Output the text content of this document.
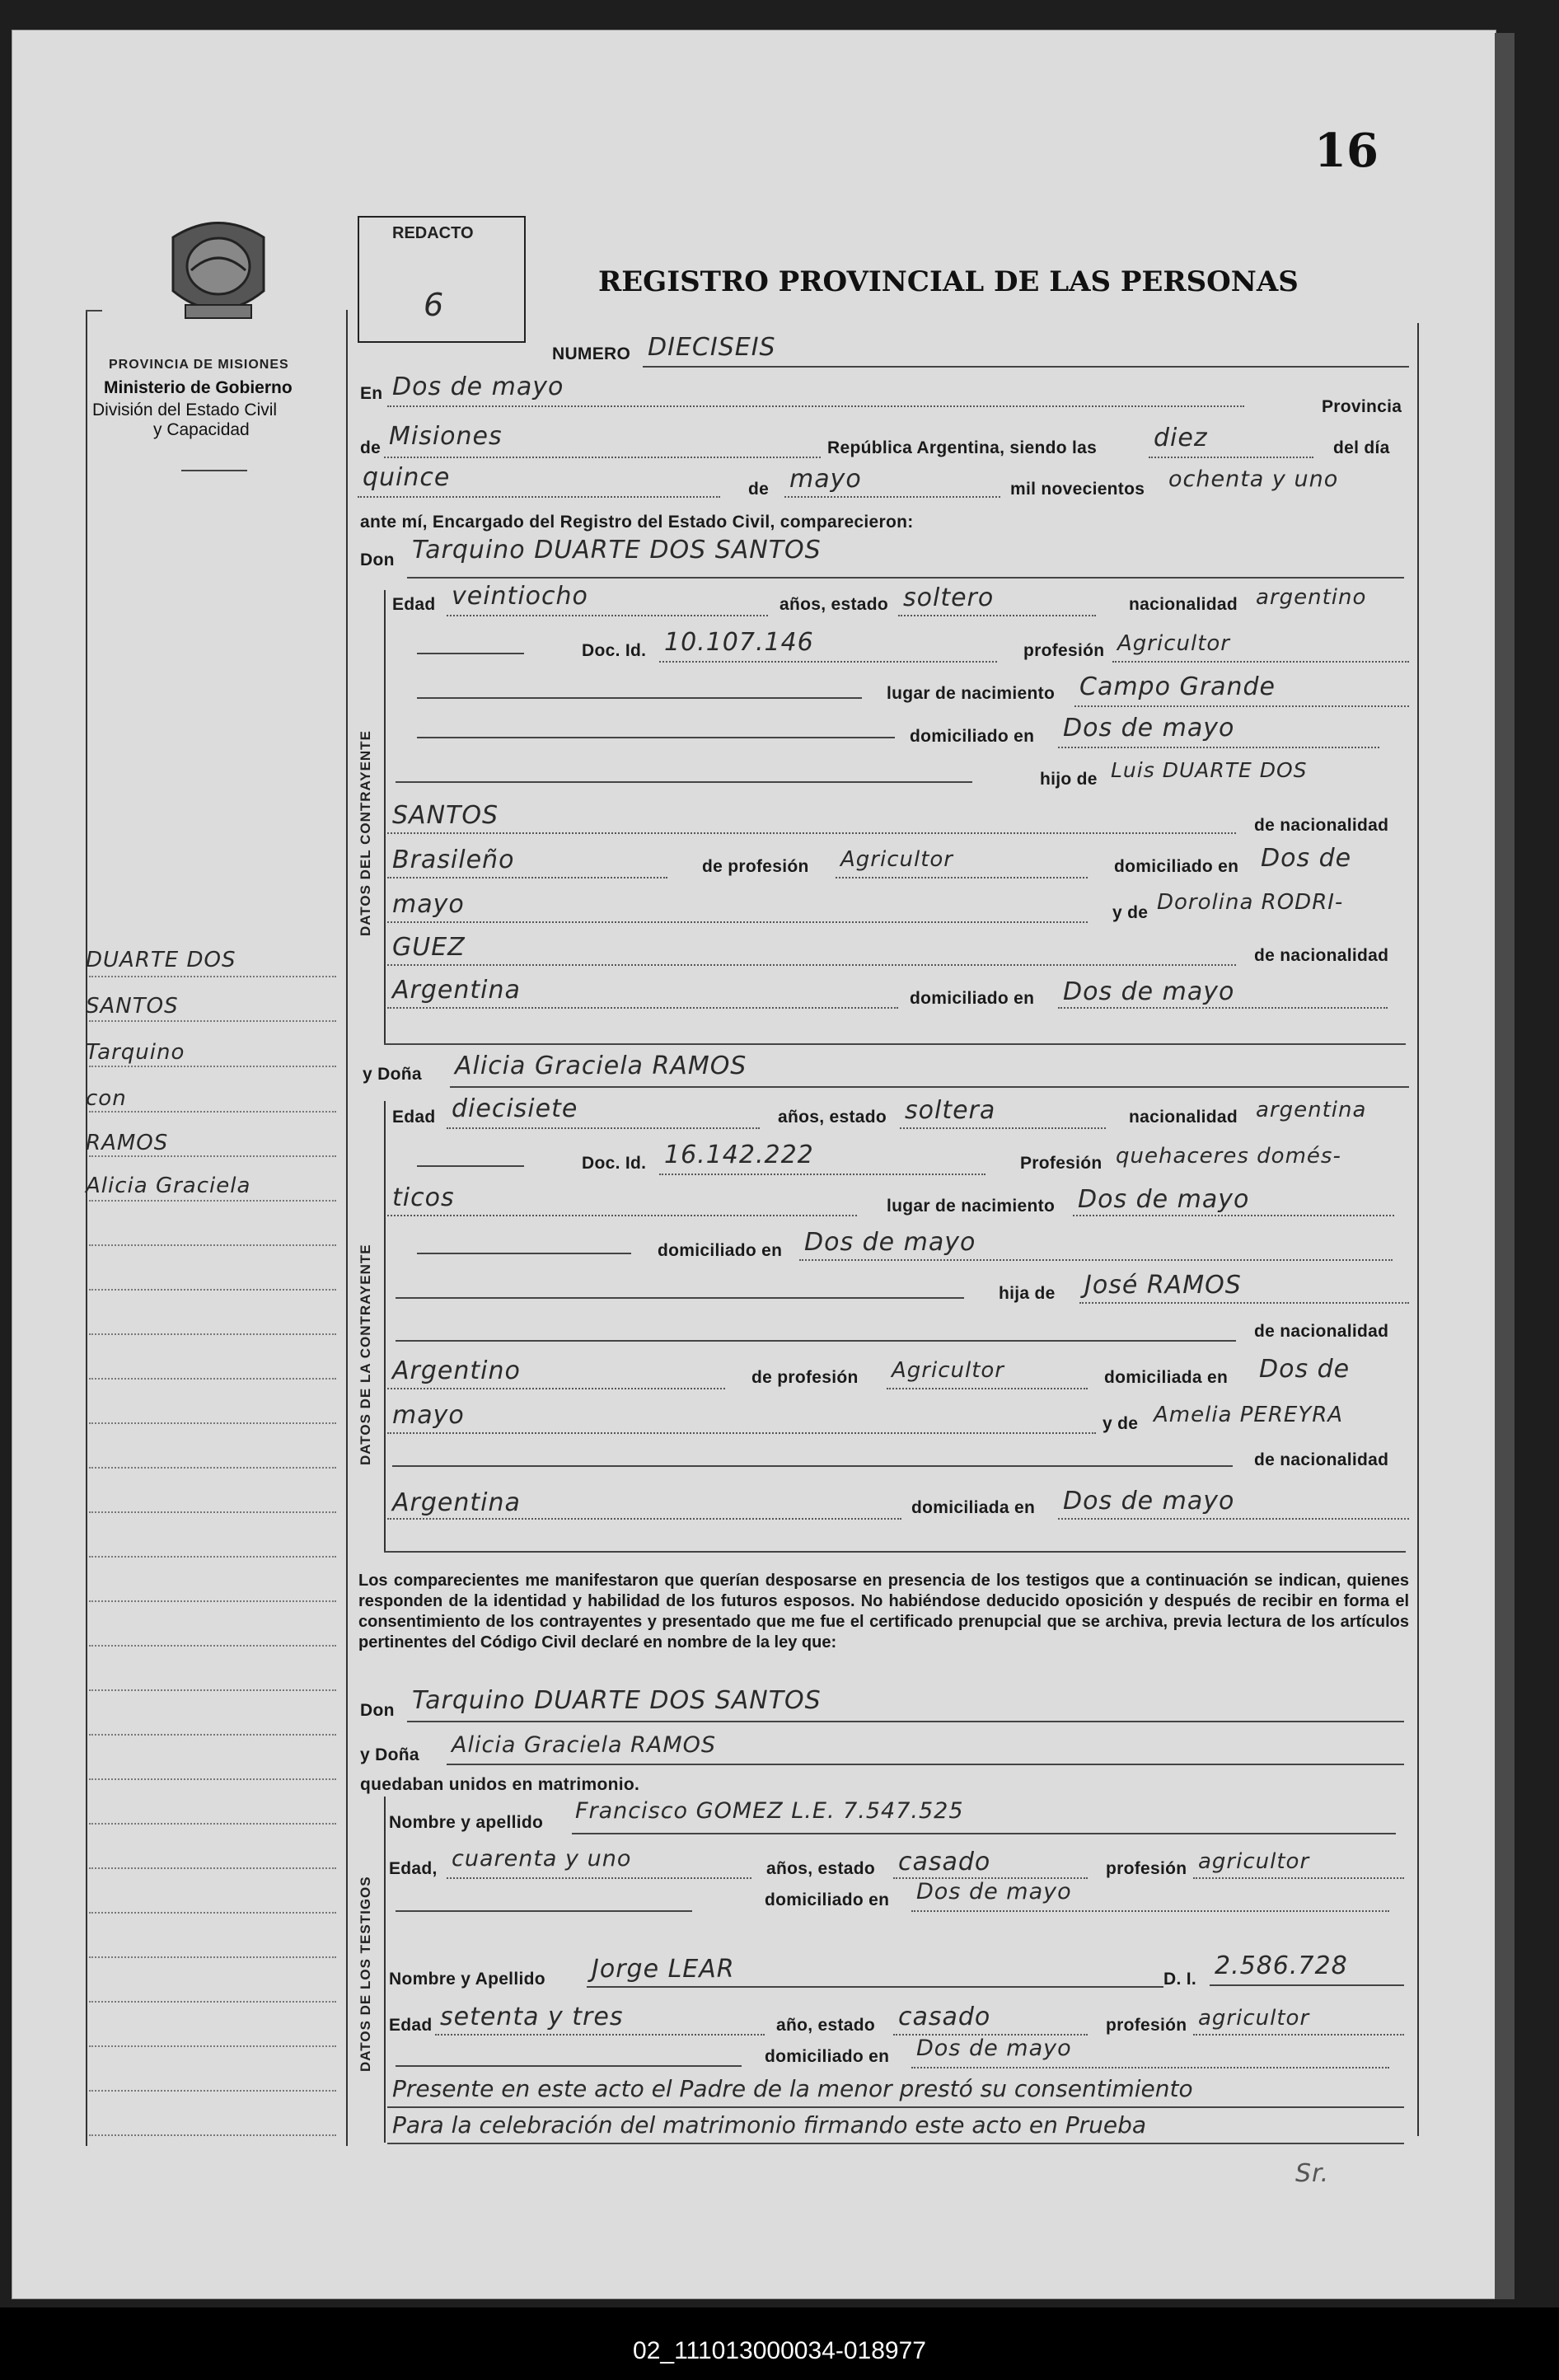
02_111013000034-018977
16
PROVINCIA DE MISIONES
Ministerio de Gobierno
División del Estado Civil
y Capacidad
DUARTE DOS
SANTOS
Tarquino
con
RAMOS
Alicia Graciela
REDACTO
6
REGISTRO PROVINCIAL DE LAS PERSONAS
NUMERO DIECISEIS
En Dos de mayo
Provincia
de Misiones	República Argentina, siendo las diez	del día
quince	de mayo	mil novecientos ochenta y uno
ante mí, Encargado del Registro del Estado Civil, comparecieron:
Don Tarquino DUARTE DOS SANTOS
DATOS DEL CONTRAYENTE
Edad veintiocho	años, estado soltero	nacionalidad argentino
Doc. Id. 10.107.146	profesión Agricultor
lugar de nacimiento Campo Grande
domiciliado en Dos de mayo
hijo de Luis DUARTE DOS
SANTOS	de nacionalidad
Brasileño	de profesión Agricultor	domiciliado en Dos de
mayo	y de Dorolina RODRI-
GUEZ	de nacionalidad
Argentina	domiciliado en Dos de mayo
y Doña Alicia Graciela RAMOS
DATOS DE LA CONTRAYENTE
Edad diecisiete	años, estado soltera	nacionalidad argentina
Doc. Id. 16.142.222	Profesión quehaceres domés-
ticos	lugar de nacimiento Dos de mayo
domiciliado en Dos de mayo
hija de José RAMOS
de nacionalidad
Argentino	de profesión Agricultor	domiciliada en Dos de
mayo	y de Amelia PEREYRA
de nacionalidad
Argentina	domiciliada en Dos de mayo
Los comparecientes me manifestaron que querían desposarse en presencia de los testigos que a continuación se indican, quienes responden de la identidad y habilidad de los futuros esposos. No habiéndose deducido oposición y después de recibir en forma el consentimiento de los contrayentes y presentado que me fue el certificado prenupcial que se archiva, previa lectura de los artículos pertinentes del Código Civil declaré en nombre de la ley que:
Don Tarquino DUARTE DOS SANTOS
y Doña Alicia Graciela RAMOS
quedaban unidos en matrimonio.
DATOS DE LOS TESTIGOS
Nombre y apellido Francisco GOMEZ L.E. 7.547.525
Edad, cuarenta y uno	años, estado casado	profesión agricultor
domiciliado en Dos de mayo
Nombre y Apellido Jorge LEAR	D. I. 2.586.728
Edad setenta y tres	año, estado casado	profesión agricultor
domiciliado en Dos de mayo
Presente en este acto el Padre de la menor prestó su consentimiento
Para la celebración del matrimonio firmando este acto en Prueba
Sr.
